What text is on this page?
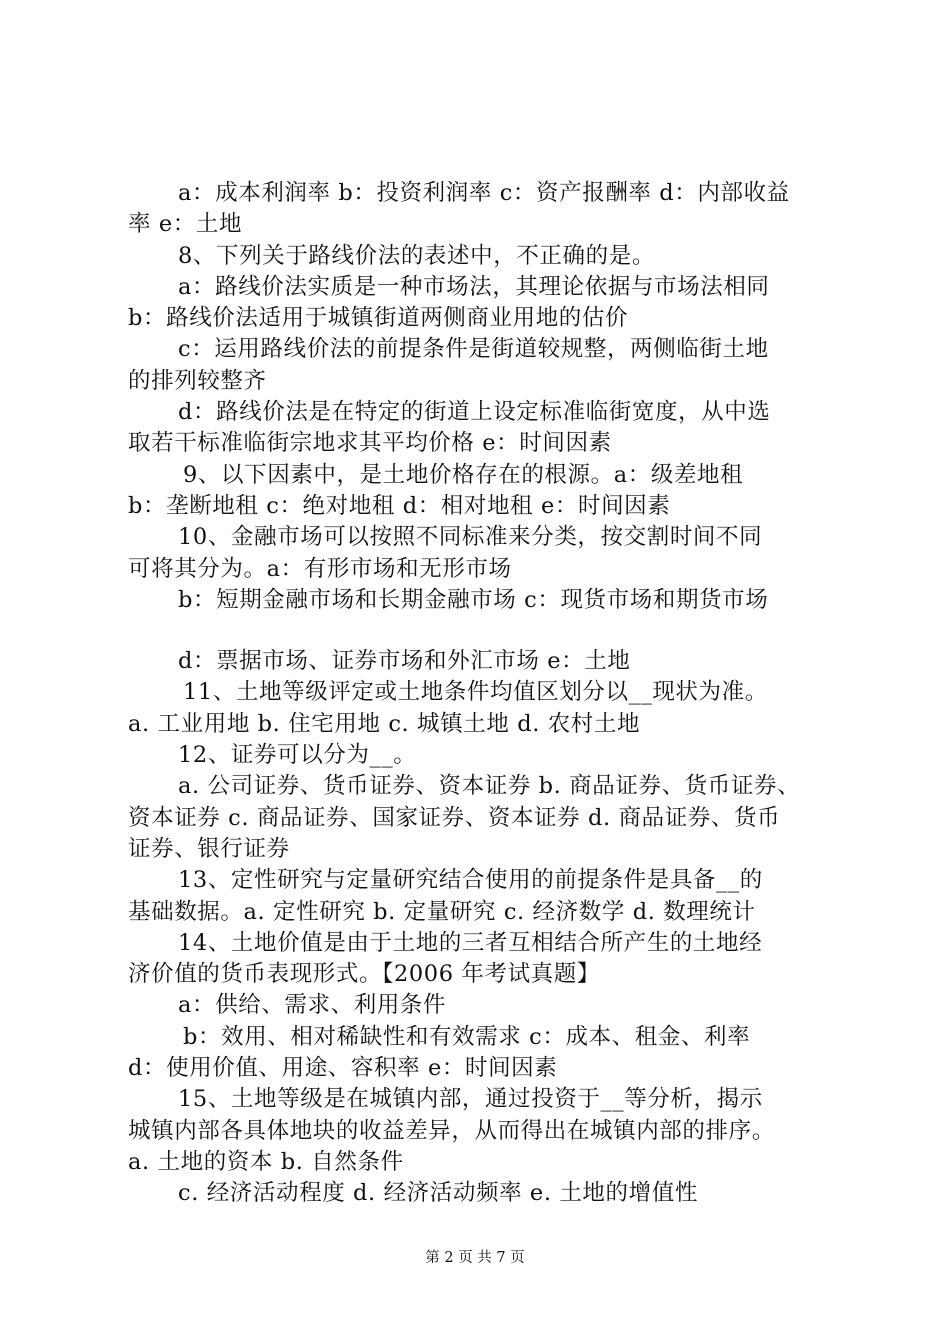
a：成本利润率 b：投资利润率 c：资产报酬率 d：内部收益
率 e：土地
8、下列关于路线价法的表述中，不正确的是。
a：路线价法实质是一种市场法，其理论依据与市场法相同
b：路线价法适用于城镇街道两侧商业用地的估价
c：运用路线价法的前提条件是街道较规整，两侧临街土地
的排列较整齐
d：路线价法是在特定的街道上设定标准临街宽度，从中选
取若干标准临街宗地求其平均价格 e：时间因素
9、以下因素中，是土地价格存在的根源。a：级差地租
b：垄断地租 c：绝对地租 d：相对地租 e：时间因素
10、金融市场可以按照不同标准来分类，按交割时间不同
可将其分为。a：有形市场和无形市场
b：短期金融市场和长期金融市场 c：现货市场和期货市场
d：票据市场、证券市场和外汇市场 e：土地
11、土地等级评定或土地条件均值区划分以__现状为准。
a. 工业用地 b. 住宅用地 c. 城镇土地 d. 农村土地
12、证券可以分为__。
a. 公司证券、货币证券、资本证券 b. 商品证券、货币证券、
资本证券 c. 商品证券、国家证券、资本证券 d. 商品证券、货币
证券、银行证券
13、定性研究与定量研究结合使用的前提条件是具备__的
基础数据。a. 定性研究 b. 定量研究 c. 经济数学 d. 数理统计
14、土地价值是由于土地的三者互相结合所产生的土地经
济价值的货币表现形式。【2006 年考试真题】
a：供给、需求、利用条件
b：效用、相对稀缺性和有效需求 c：成本、租金、利率
d：使用价值、用途、容积率 e：时间因素
15、土地等级是在城镇内部，通过投资于__等分析，揭示
城镇内部各具体地块的收益差异，从而得出在城镇内部的排序。
a. 土地的资本 b. 自然条件
c. 经济活动程度 d. 经济活动频率 e. 土地的增值性
第 2 页 共 7 页
